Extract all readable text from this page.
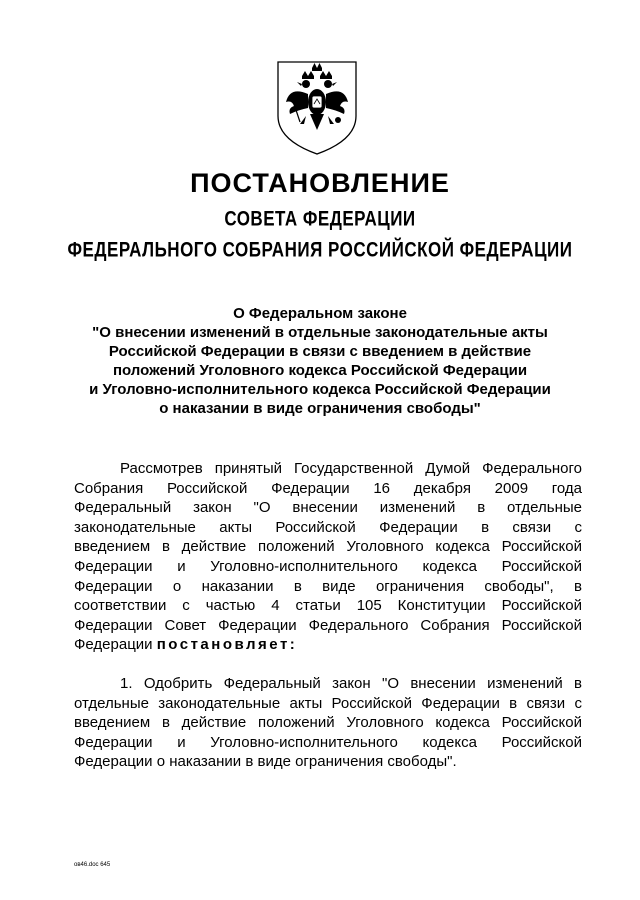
ПОСТАНОВЛЕНИЕ
СОВЕТА ФЕДЕРАЦИИ
ФЕДЕРАЛЬНОГО СОБРАНИЯ РОССИЙСКОЙ ФЕДЕРАЦИИ
О Федеральном законе
"О внесении изменений в отдельные законодательные акты
Российской Федерации в связи с введением в действие
положений Уголовного кодекса Российской Федерации
и Уголовно-исполнительного кодекса Российской Федерации
о наказании в виде ограничения свободы"
Рассмотрев принятый Государственной Думой Федерального
Собрания Российской Федерации 16 декабря 2009 года
Федеральный закон "О внесении изменений в отдельные
законодательные акты Российской Федерации в связи с
введением в действие положений Уголовного кодекса Российской
Федерации и Уголовно-исполнительного кодекса Российской
Федерации о наказании в виде ограничения свободы", в
соответствии с частью 4 статьи 105 Конституции Российской
Федерации Совет Федерации Федерального Собрания Российской
Федерации постановляет:
1. Одобрить Федеральный закон "О внесении изменений в
отдельные законодательные акты Российской Федерации в связи с
введением в действие положений Уголовного кодекса Российской
Федерации и Уголовно-исполнительного кодекса Российской
Федерации о наказании в виде ограничения свободы".
ов46.doc 645
